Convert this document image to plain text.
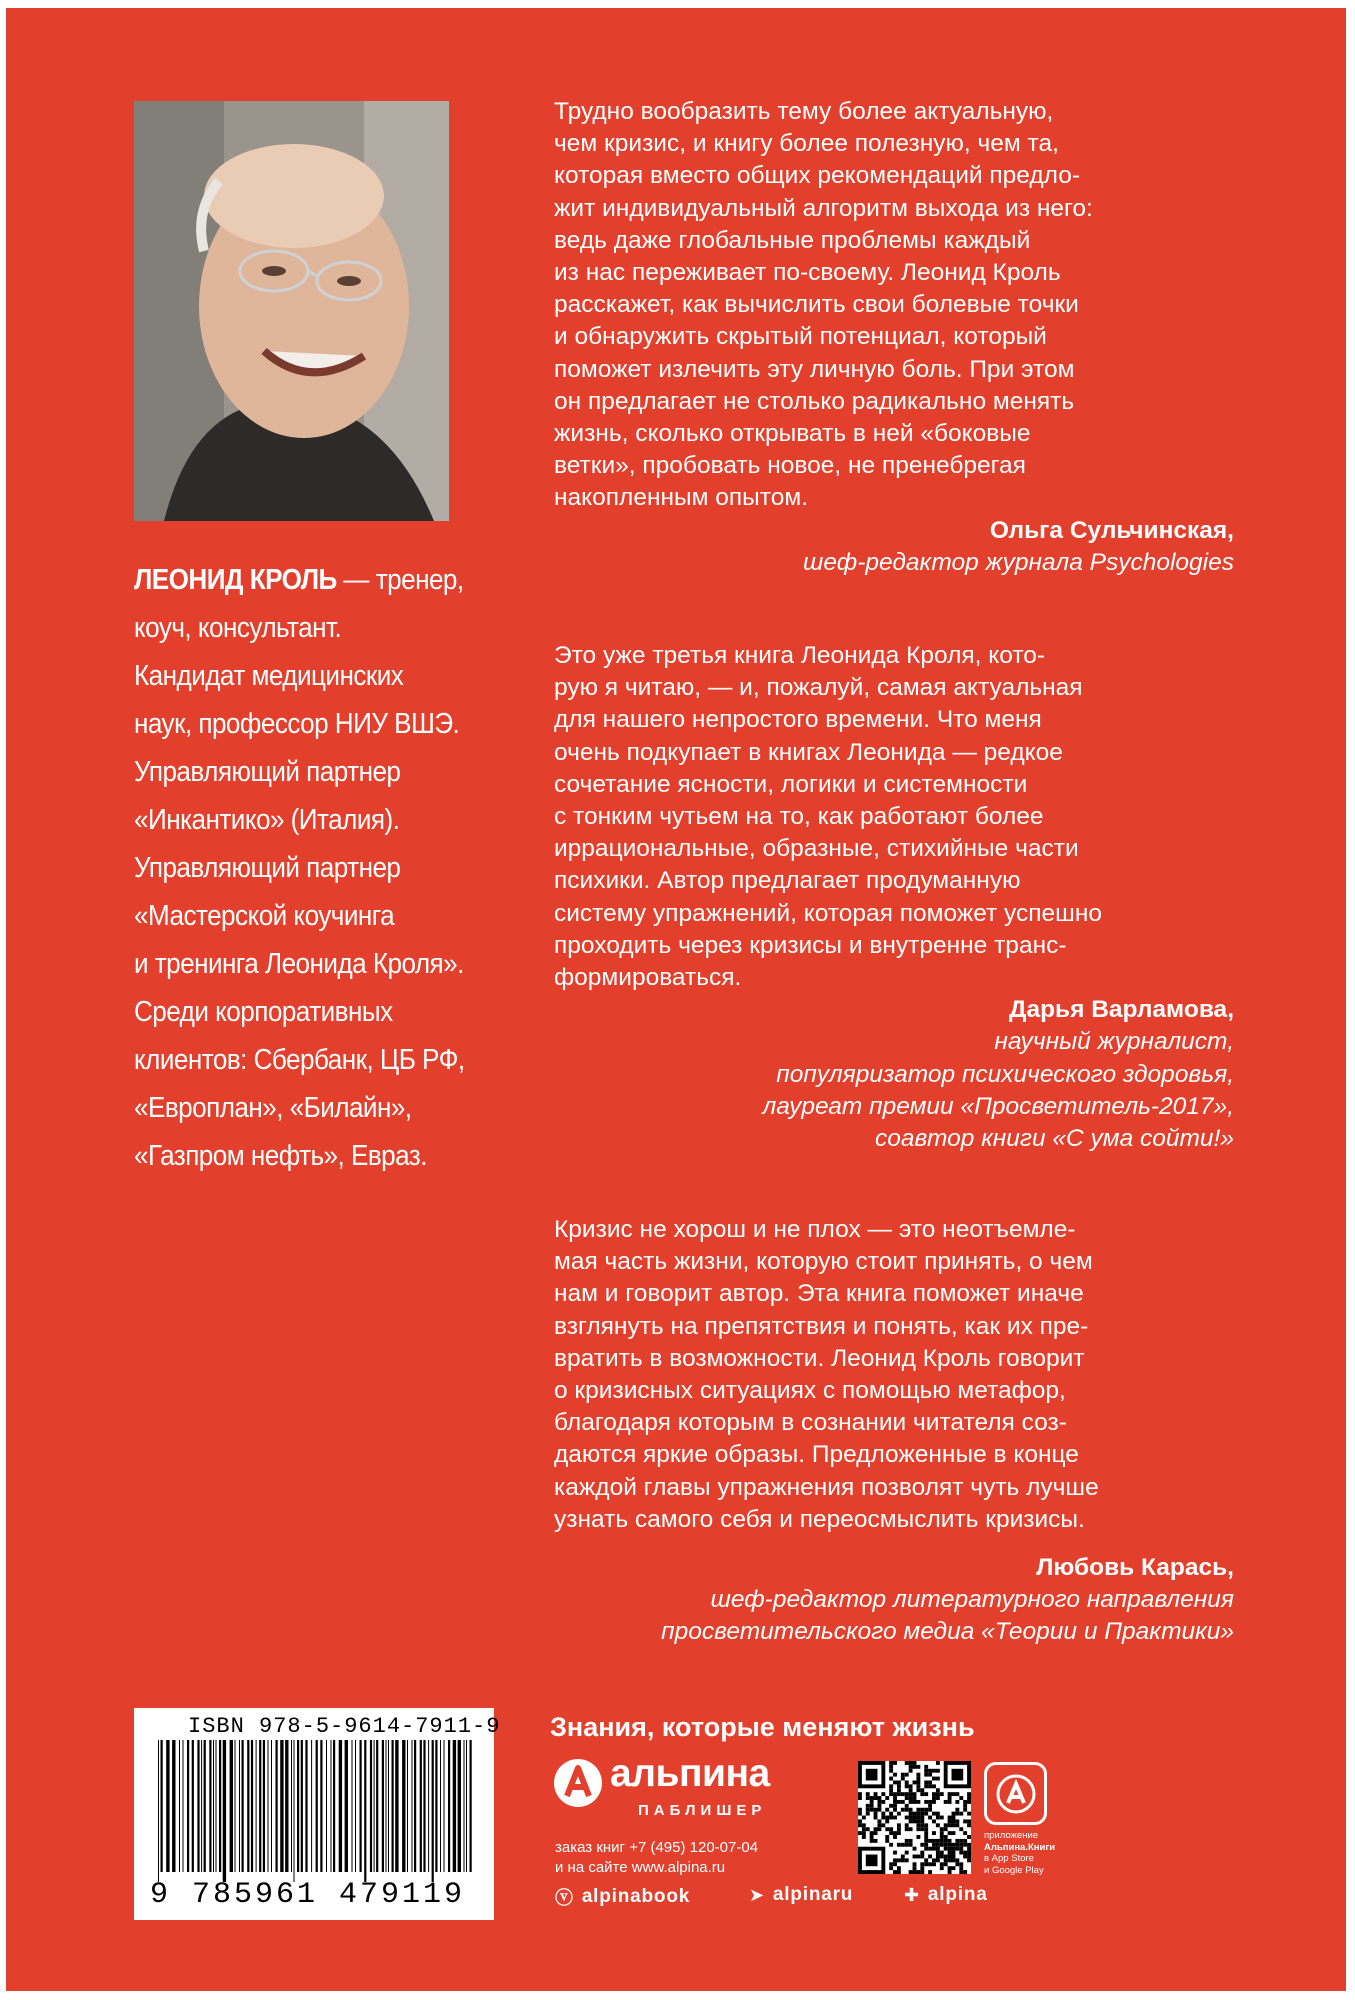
ЛЕОНИД КРОЛЬ — тренер,
коуч, консультант.
Кандидат медицинских
наук, профессор НИУ ВШЭ.
Управляющий партнер
«Инкантико» (Италия).
Управляющий партнер
«Мастерской коучинга
и тренинга Леонида Кроля».
Среди корпоративных
клиентов: Сбербанк, ЦБ РФ,
«Европлан», «Билайн»,
«Газпром нефть», Евраз.
Трудно вообразить тему более актуальную,
чем кризис, и книгу более полезную, чем та,
которая вместо общих рекомендаций предло-
жит индивидуальный алгоритм выхода из него:
ведь даже глобальные проблемы каждый
из нас переживает по-своему. Леонид Кроль
расскажет, как вычислить свои болевые точки
и обнаружить скрытый потенциал, который
поможет излечить эту личную боль. При этом
он предлагает не столько радикально менять
жизнь, сколько открывать в ней «боковые
ветки», пробовать новое, не пренебрегая
накопленным опытом.
Ольга Сульчинская,
шеф-редактор журнала Psychologies
Это уже третья книга Леонида Кроля, кото-
рую я читаю, — и, пожалуй, самая актуальная
для нашего непростого времени. Что меня
очень подкупает в книгах Леонида — редкое
сочетание ясности, логики и системности
с тонким чутьем на то, как работают более
иррациональные, образные, стихийные части
психики. Автор предлагает продуманную
систему упражнений, которая поможет успешно
проходить через кризисы и внутренне транс-
формироваться.
Дарья Варламова,
научный журналист,
популяризатор психического здоровья,
лауреат премии «Просветитель-2017»,
соавтор книги «С ума сойти!»
Кризис не хорош и не плох — это неотъемле-
мая часть жизни, которую стоит принять, о чем
нам и говорит автор. Эта книга поможет иначе
взглянуть на препятствия и понять, как их пре-
вратить в возможности. Леонид Кроль говорит
о кризисных ситуациях с помощью метафор,
благодаря которым в сознании читателя соз-
даются яркие образы. Предложенные в конце
каждой главы упражнения позволят чуть лучше
узнать самого себя и переосмыслить кризисы.
Любовь Карась,
шеф-редактор литературного направления
просветительского медиа «Теории и Практики»
ISBN 978-5-9614-7911-9
9 785961 479119
Знания, которые меняют жизнь
альпина
ПАБЛИШЕР
заказ книг +7 (495) 120-07-04
и на сайте www.alpina.ru
ⓥ alpinabook	➤ alpinaru	✚ alpina
приложение
Альпина.Книги
в App Store
и Google Play
